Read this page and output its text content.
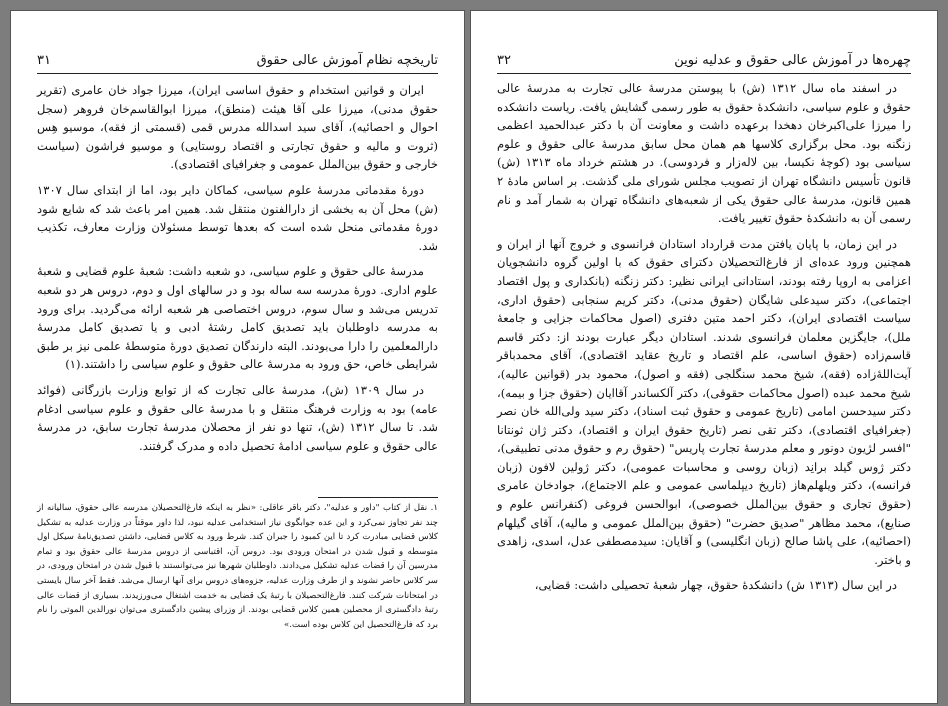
تاریخچه نظام آموزش عالی حقوق
۳۱

ایران و قوانین استخدام و حقوق اساسی ایران)، میرزا جواد خان عامری (تقریر حقوق مدنی)، میرزا علی آقا هیئت (منطق)، میرزا ابوالقاسم‌خان فروهر (سجل احوال و احصائیه)، آقای سید اسدالله مدرس قمی (قسمتی از فقه)، موسیو هِس (ثروت و مالیه و حقوق تجارتی و اقتصاد روستایی) و موسیو فراشون (سیاست خارجی و حقوق بین‌الملل عمومی و جغرافیای اقتصادی).

دورهٔ مقدماتی مدرسهٔ علوم سیاسی، کماکان دایر بود، اما از ابتدای سال ۱۳۰۷ (ش) محل آن به بخشی از دارالفنون منتقل شد. همین امر باعث شد که شایع شود دورهٔ مقدماتی منحل شده است که بعدها توسط مسئولان وزارت معارف، تکذیب شد.

مدرسهٔ عالی حقوق و علوم سیاسی، دو شعبه داشت: شعبهٔ علوم قضایی و شعبهٔ علوم اداری. دورهٔ مدرسه سه ساله بود و در سالهای اول و دوم، دروس هر دو شعبه تدریس می‌شد و سال سوم، دروس اختصاصی هر شعبه ارائه می‌گردید. برای ورود به مدرسه داوطلبان باید تصدیق کامل رشتهٔ ادبی و یا تصدیق کامل مدرسهٔ دارالمعلمین را دارا می‌بودند. البته دارندگان تصدیق دورهٔ متوسطهٔ علمی نیز بر طبق شرایطی خاص، حق ورود به مدرسهٔ عالی حقوق و علوم سیاسی را داشتند.(۱)

در سال ۱۳۰۹ (ش)، مدرسهٔ عالی تجارت که از توابع وزارت بازرگانی (فوائد عامه) بود به وزارت فرهنگ منتقل و با مدرسهٔ عالی حقوق و علوم سیاسی ادغام شد. تا سال ۱۳۱۲ (ش)، تنها دو نفر از محصلان مدرسهٔ تجارت سابق، در مدرسهٔ عالی حقوق و علوم سیاسی ادامهٔ تحصیل داده و مدرک گرفتند.

۱. نقل از کتاب "داور و عدلیه"، دکتر باقر عاقلی: «نظر به اینکه فارغ‌التحصیلان مدرسه عالی حقوق، سالیانه از چند نفر تجاوز نمی‌کرد و این عده جوابگوی نیاز استخدامی عدلیه نبود، لذا داور موقتاً در وزارت عدلیه به تشکیل کلاس قضایی مبادرت کرد تا این کمبود را جبران کند. شرط ورود به کلاس قضایی، داشتن تصدیق‌نامهٔ سیکل اول متوسطه و قبول شدن در امتحان ورودی بود. دروس آن، اقتباسی از دروس مدرسهٔ عالی حقوق بود و تمام مدرسین آن را قضات عدلیه تشکیل می‌دادند. داوطلبان شهرها نیز می‌توانستند با قبول شدن در امتحان ورودی، در سر کلاس حاضر نشوند و از طرف وزارت عدلیه، جزوه‌های دروس برای آنها ارسال می‌شد. فقط آخر سال بایستی در امتحانات شرکت کنند. فارغ‌التحصیلان با رتبهٔ یک قضایی به خدمت اشتغال می‌ورزیدند. بسیاری از قضات عالی رتبهٔ دادگستری از محصلین همین کلاس قضایی بودند. از وزرای پیشین دادگستری می‌توان نورالدین الموتی را نام برد که فارغ‌التحصیل این کلاس بوده است.»

چهره‌ها در آموزش عالی حقوق و عدلیه نوین
۳۲

در اسفند ماه سال ۱۳۱۲ (ش) با پیوستن مدرسهٔ عالی تجارت به مدرسهٔ عالی حقوق و علوم سیاسی، دانشکدهٔ حقوق به طور رسمی گشایش یافت. ریاست دانشکده را میرزا علی‌اکبرخان دهخدا برعهده داشت و معاونت آن با دکتر عبدالحمید اعظمی زنگنه بود. محل برگزاری کلاسها هم همان محل سابق مدرسهٔ عالی حقوق و علوم سیاسی بود (کوچهٔ نکیسا، بین لاله‌زار و فردوسی). در هشتم خرداد ماه ۱۳۱۳ (ش) قانون تأسیس دانشگاه تهران از تصویب مجلس شورای ملی گذشت. بر اساس مادهٔ ۲ همین قانون، مدرسهٔ عالی حقوق یکی از شعبه‌های دانشگاه تهران به شمار آمد و نام رسمی آن به دانشکدهٔ حقوق تغییر یافت.

در این زمان، با پایان یافتن مدت قرارداد استادان فرانسوی و خروج آنها از ایران و همچنین ورود عده‌ای از فارغ‌التحصیلان دکترای حقوق که با اولین گروه دانشجویان اعزامی به اروپا رفته بودند، استادانی ایرانی نظیر: دکتر زنگنه (بانکداری و پول اقتصاد اجتماعی)، دکتر سیدعلی شایگان (حقوق مدنی)، دکتر کریم سنجابی (حقوق اداری، سیاست اقتصادی ایران)، دکتر احمد متین دفتری (اصول محاکمات جزایی و جامعهٔ ملل)، جایگزین معلمان فرانسوی شدند. استادان دیگر عبارت بودند از: دکتر قاسم قاسم‌زاده (حقوق اساسی، علم اقتصاد و تاریخ عقاید اقتصادی)، آقای محمدباقر آیت‌اللهٔ‌زاده (فقه)، شیخ محمد سنگلجی (فقه و اصول)، محمود بدر (قوانین عالیه)، شیخ محمد عبده (اصول محاکمات حقوقی)، دکتر آلکساندر آقاایان (حقوق جزا و بیمه)، دکتر سیدحسن امامی (تاریخ عمومی و حقوق ثبت اسناد)، دکتر سید ولی‌الله خان نصر (جغرافیای اقتصادی)، دکتر تقی نصر (تاریخ حقوق ایران و اقتصاد)، دکتر ژان ثونتانا "افسر لژیون دونور و معلم مدرسهٔ تجارت پاریس" (حقوق رم و حقوق مدنی تطبیقی)، دکتر ژوس گیلد برانِد (زبان روسی و محاسبات عمومی)، دکتر ژولین لافون (زبان فرانسه)، دکتر ویلهلم‌هاز (تاریخ دیپلماسی عمومی و علم الاجتماع)، جوادخان عامری (حقوق تجاری و حقوق بین‌الملل خصوصی)، ابوالحسن فروغی (کنفرانس علوم و صنایع)، محمد مظاهر "صدیق حضرت" (حقوق بین‌الملل عمومی و مالیه)، آقای گیلهام (احصائیه)، علی پاشا صالح (زبان انگلیسی) و آقایان: سیدمصطفی عدل، اسدی، زاهدی و باختر.

در این سال (۱۳۱۳ ش) دانشکدهٔ حقوق، چهار شعبهٔ تحصیلی داشت: قضایی،
